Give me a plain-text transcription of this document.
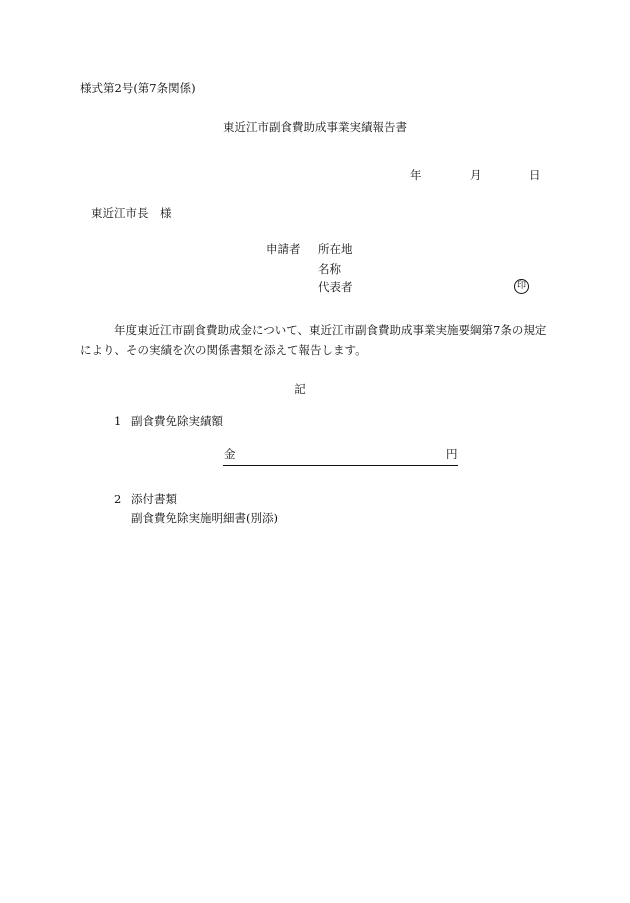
様式第2号(第7条関係)
東近江市副食費助成事業実績報告書
年	月	日
東近江市長　様
申請者 所在地
名称
代表者	印
年度東近江市副食費助成金について、東近江市副食費助成事業実施要綱第7条の規定
により、その実績を次の関係書類を添えて報告します。
記
1 副食費免除実績額
金	円
2 添付書類
副食費免除実施明細書(別添)
